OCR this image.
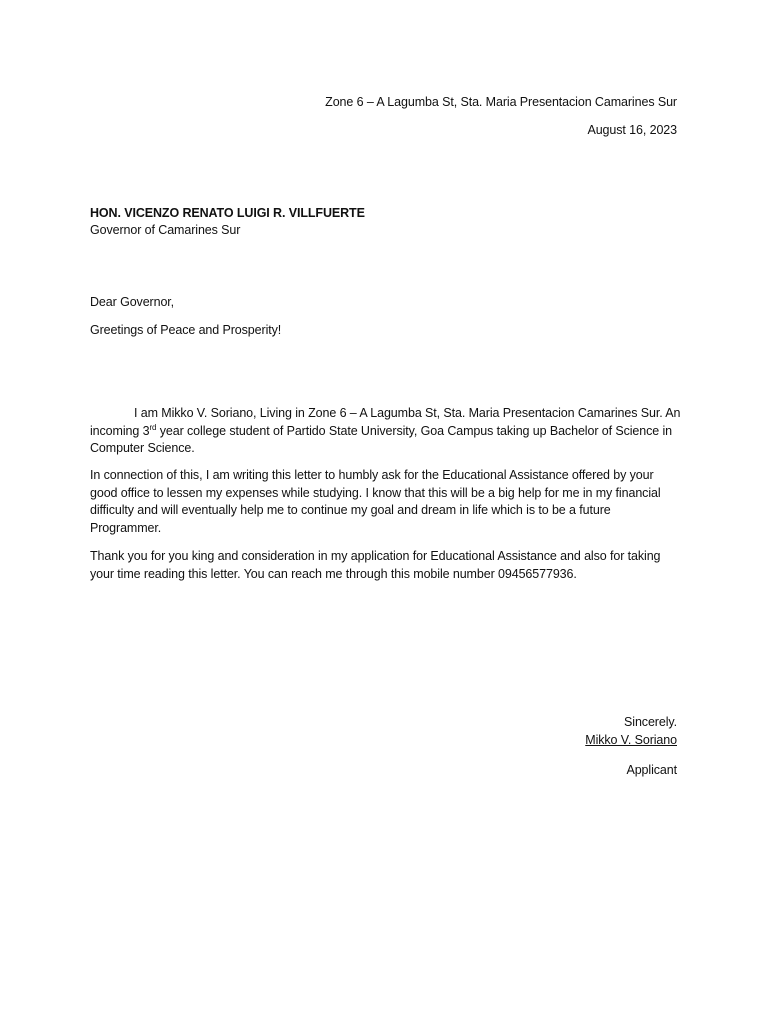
Zone 6 – A Lagumba St, Sta. Maria Presentacion Camarines Sur
August 16, 2023
HON. VICENZO RENATO LUIGI R. VILLFUERTE
Governor of Camarines Sur
Dear Governor,
Greetings of Peace and Prosperity!

I am Mikko V. Soriano, Living in Zone 6 – A Lagumba St, Sta. Maria Presentacion Camarines Sur. An incoming 3rd year college student of Partido State University, Goa Campus taking up Bachelor of Science in Computer Science.

In connection of this, I am writing this letter to humbly ask for the Educational Assistance offered by your good office to lessen my expenses while studying. I know that this will be a big help for me in my financial difficulty and will eventually help me to continue my goal and dream in life which is to be a future Programmer.

Thank you for you king and consideration in my application for Educational Assistance and also for taking your time reading this letter. You can reach me through this mobile number 09456577936.

Sincerely.
Mikko V. Soriano
Applicant
